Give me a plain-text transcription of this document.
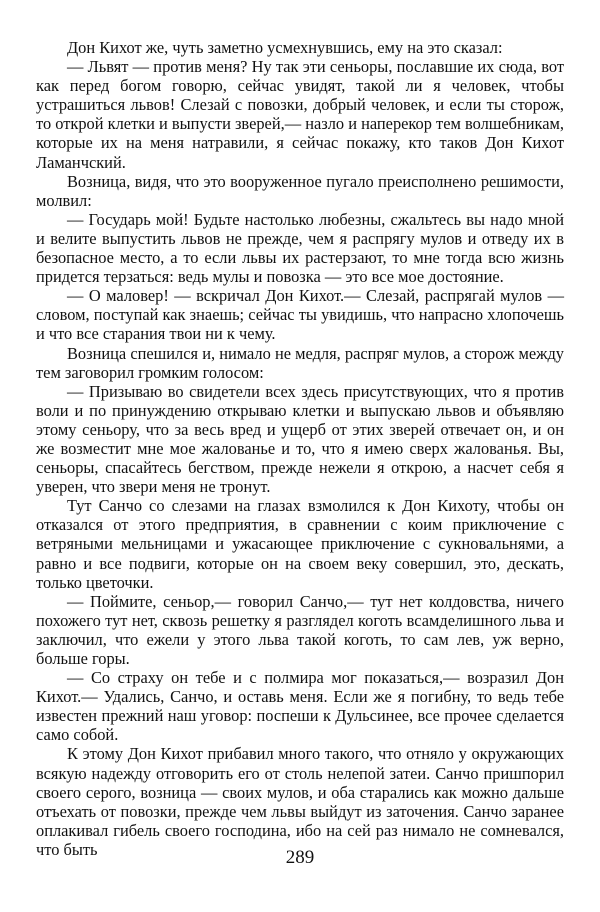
Дон Кихот же, чуть заметно усмехнувшись, ему на это сказал:

— Львят — против меня? Ну так эти сеньоры, пославшие их сюда, вот как перед богом говорю, сейчас увидят, такой ли я человек, чтобы устрашиться львов! Слезай с повозки, добрый человек, и если ты сторож, то открой клетки и выпусти зверей,— назло и наперекор тем волшебникам, которые их на меня натравили, я сейчас покажу, кто таков Дон Кихот Ламанчский.

Возница, видя, что это вооруженное пугало преисполнено решимости, молвил:

— Государь мой! Будьте настолько любезны, сжальтесь вы надо мной и велите выпустить львов не прежде, чем я распрягу мулов и отведу их в безопасное место, а то если львы их растерзают, то мне тогда всю жизнь придется терзаться: ведь мулы и повозка — это все мое достояние.

— О маловер! — вскричал Дон Кихот.— Слезай, распрягай мулов — словом, поступай как знаешь; сейчас ты увидишь, что напрасно хлопочешь и что все старания твои ни к чему.

Возница спешился и, нимало не медля, распряг мулов, а сторож между тем заговорил громким голосом:

— Призываю во свидетели всех здесь присутствующих, что я против воли и по принуждению открываю клетки и выпускаю львов и объявляю этому сеньору, что за весь вред и ущерб от этих зверей отвечает он, и он же возместит мне мое жалованье и то, что я имею сверх жалованья. Вы, сеньоры, спасайтесь бегством, прежде нежели я открою, а насчет себя я уверен, что звери меня не тронут.

Тут Санчо со слезами на глазах взмолился к Дон Кихоту, чтобы он отказался от этого предприятия, в сравнении с коим приключение с ветряными мельницами и ужасающее приключение с сукновальнями, а равно и все подвиги, которые он на своем веку совершил, это, дескать, только цветочки.

— Поймите, сеньор,— говорил Санчо,— тут нет колдовства, ничего похожего тут нет, сквозь решетку я разглядел коготь всамделишного льва и заключил, что ежели у этого льва такой коготь, то сам лев, уж верно, больше горы.

— Со страху он тебе и с полмира мог показаться,— возразил Дон Кихот.— Удались, Санчо, и оставь меня. Если же я погибну, то ведь тебе известен прежний наш уговор: поспеши к Дульсинее, все прочее сделается само собой.

К этому Дон Кихот прибавил много такого, что отняло у окружающих всякую надежду отговорить его от столь нелепой затеи. Санчо пришпорил своего серого, возница — своих мулов, и оба старались как можно дальше отъехать от повозки, прежде чем львы выйдут из заточения. Санчо заранее оплакивал гибель своего господина, ибо на сей раз нимало не сомневался, что быть	289
